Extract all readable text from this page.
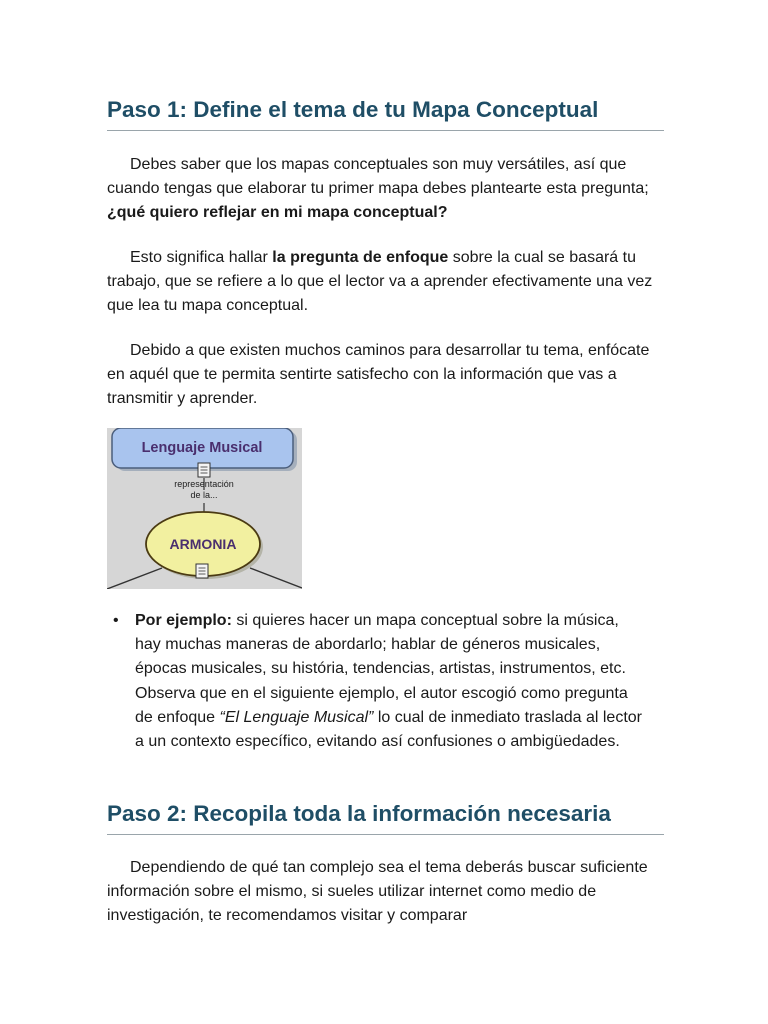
Paso 1: Define el tema de tu Mapa Conceptual

Debes saber que los mapas conceptuales son muy versátiles, así que cuando tengas que elaborar tu primer mapa debes plantearte esta pregunta; ¿qué quiero reflejar en mi mapa conceptual?

Esto significa hallar la pregunta de enfoque sobre la cual se basará tu trabajo, que se refiere a lo que el lector va a aprender efectivamente una vez que lea tu mapa conceptual.

Debido a que existen muchos caminos para desarrollar tu tema, enfócate en aquél que te permita sentirte satisfecho con la información que vas a transmitir y aprender.

Lenguaje Musical
representación
de la...
ARMONIA
• Por ejemplo: si quieres hacer un mapa conceptual sobre la música, hay muchas maneras de abordarlo; hablar de géneros musicales, épocas musicales, su história, tendencias, artistas, instrumentos, etc. Observa que en el siguiente ejemplo, el autor escogió como pregunta de enfoque “El Lenguaje Musical” lo cual de inmediato traslada al lector a un contexto específico, evitando así confusiones o ambigüedades.
Paso 2: Recopila toda la información necesaria

Dependiendo de qué tan complejo sea el tema deberás buscar suficiente información sobre el mismo, si sueles utilizar internet como medio de investigación, te recomendamos visitar y comparar
